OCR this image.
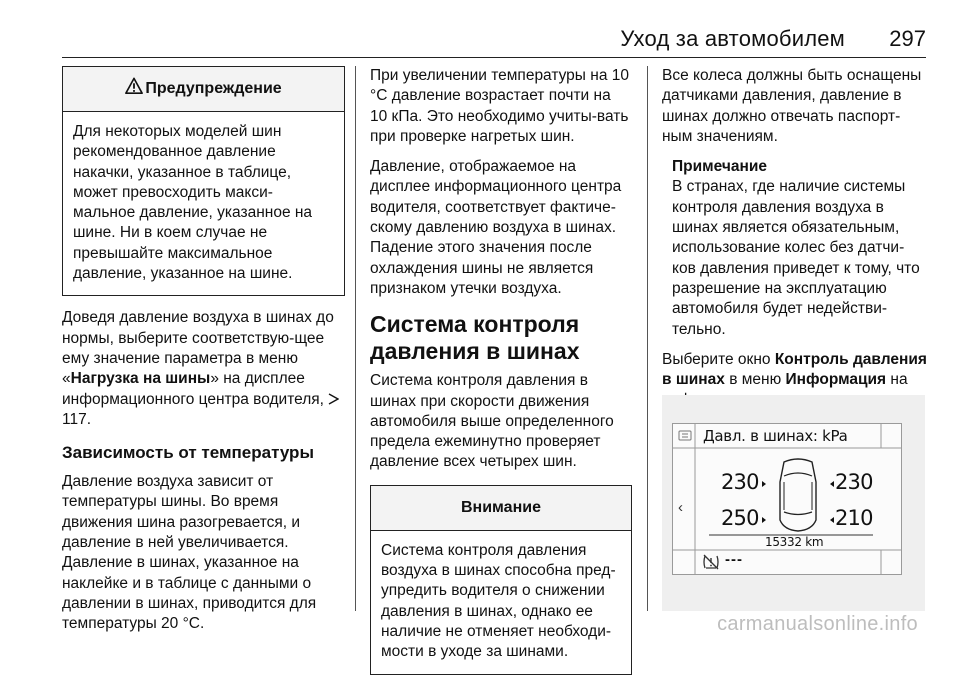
Уход за автомобилем 297
Предупреждение
Для некоторых моделей шин рекомендованное давление накачки, указанное в таблице, может превосходить макси-мальное давление, указанное на шине. Ни в коем случае не превышайте максимальное давление, указанное на шине.

Доведя давление воздуха в шинах до нормы, выберите соответствую-щее ему значение параметра в меню «Нагрузка на шины» на дисплее информационного центра водителя,  117.

Зависимость от температуры

Давление воздуха зависит от температуры шины. Во время движения шина разогревается, и давление в ней увеличивается. Давление в шинах, указанное на наклейке и в таблице с данными о давлении в шинах, приводится для температуры 20 °С.

При увеличении температуры на 10 °С давление возрастает почти на 10 кПа. Это необходимо учиты-вать при проверке нагретых шин.

Давление, отображаемое на дисплее информационного центра водителя, соответствует фактиче-скому давлению воздуха в шинах. Падение этого значения после охлаждения шины не является признаком утечки воздуха.

Система контроля давления в шинах

Система контроля давления в шинах при скорости движения автомобиля выше определенного предела ежеминутно проверяет давление всех четырех шин.

Внимание
Система контроля давления воздуха в шинах способна пред-упредить водителя о снижении давления в шинах, однако ее наличие не отменяет необходи-мости в уходе за шинами.

Все колеса должны быть оснащены датчиками давления, давление в шинах должно отвечать паспорт-ным значениям.

Примечание
В странах, где наличие системы контроля давления воздуха в шинах является обязательным, использование колес без датчи-ков давления приведет к тому, что разрешение на эксплуатацию автомобиля будет недействи-тельно.

Выберите окно Контроль давления в шинах в меню Информация на

‹
Давл. в шинах: kPa
230	230
250	210
15332 km
---
carmanualsonline.info
